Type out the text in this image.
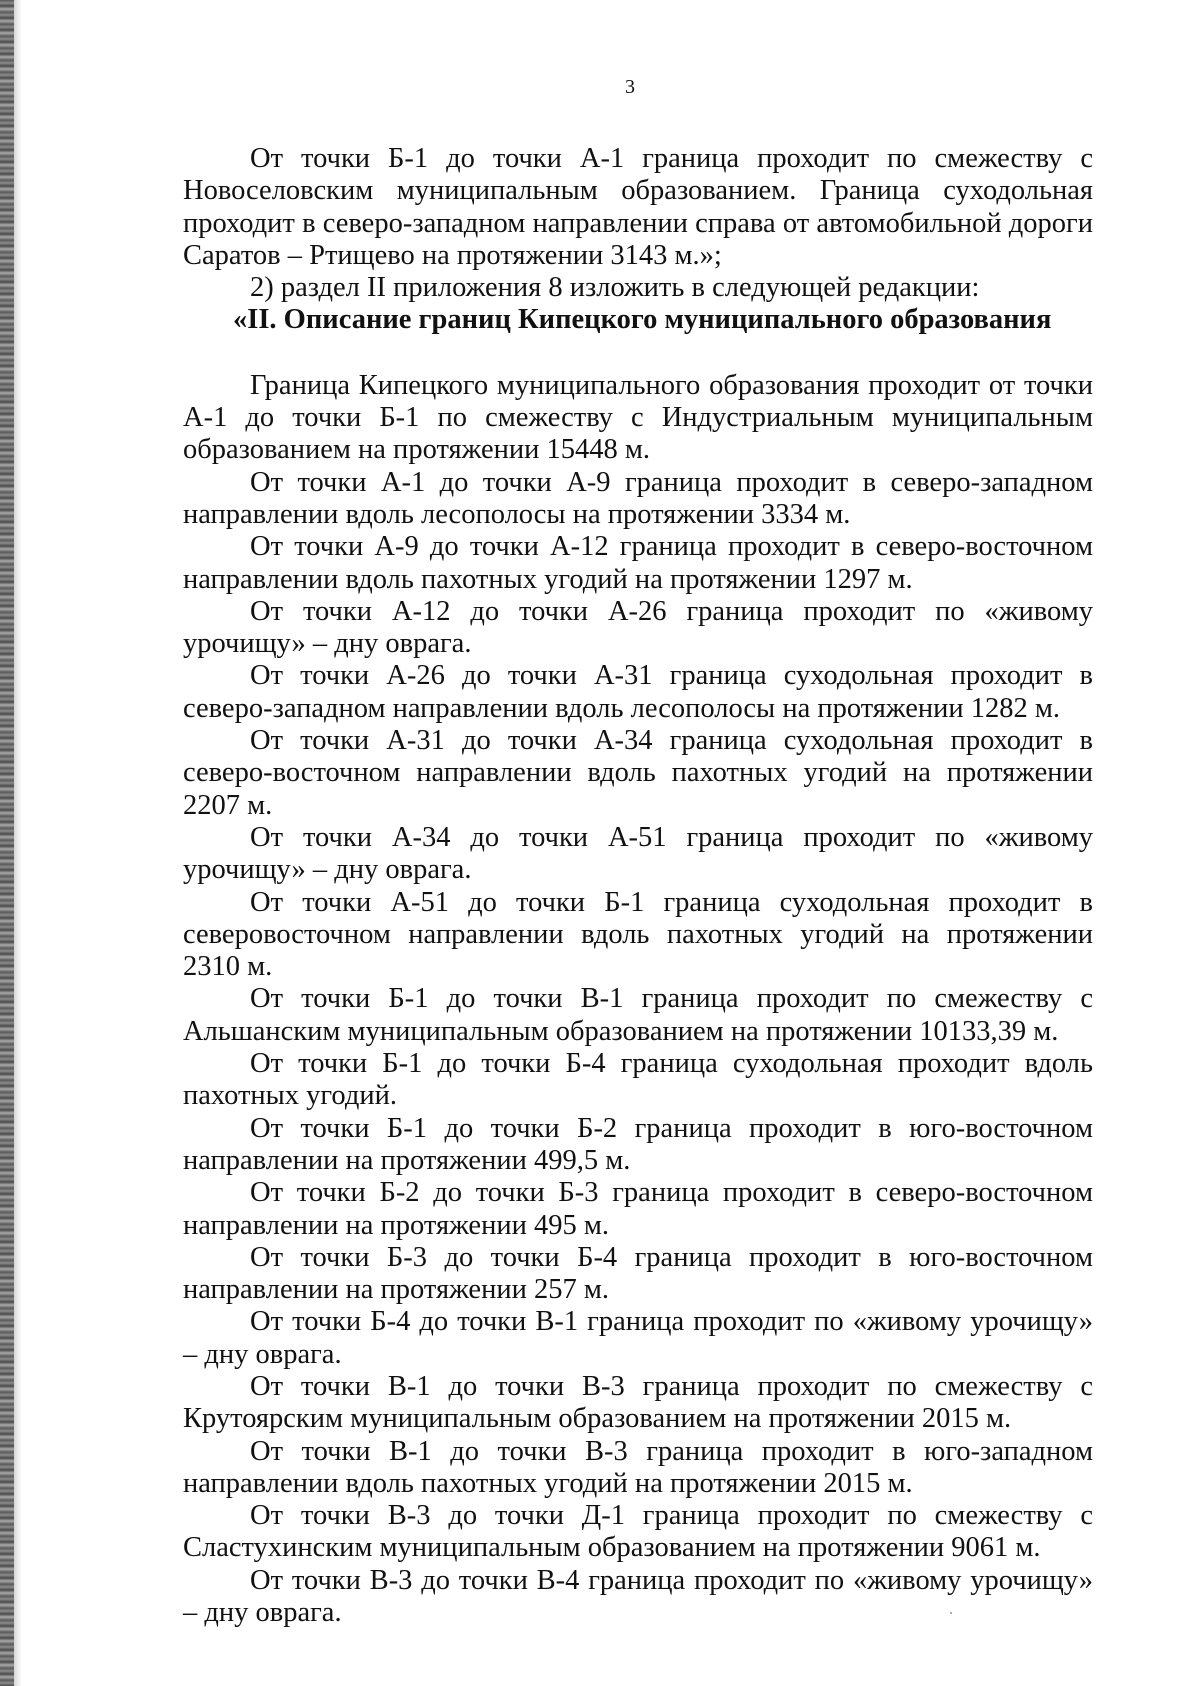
3

От точки Б-1 до точки А-1 граница проходит по смежеству с Новоселовским муниципальным образованием. Граница суходольная проходит в северо-западном направлении справа от автомобильной дороги Саратов – Ртищево на протяжении 3143 м.»;

2) раздел II приложения 8 изложить в следующей редакции:

«II. Описание границ Кипецкого муниципального образования

Граница Кипецкого муниципального образования проходит от точки А-1 до точки Б-1 по смежеству с Индустриальным муниципальным образованием на протяжении 15448 м.

От точки А-1 до точки А-9 граница проходит в северо-западном направлении вдоль лесополосы на протяжении 3334 м.

От точки А-9 до точки А-12 граница проходит в северо-восточном направлении вдоль пахотных угодий на протяжении 1297 м.

От точки А-12 до точки А-26 граница проходит по «живому урочищу» – дну оврага.

От точки А-26 до точки А-31 граница суходольная проходит в северо-западном направлении вдоль лесополосы на протяжении 1282 м.

От точки А-31 до точки А-34 граница суходольная проходит в северо-восточном направлении вдоль пахотных угодий на протяжении 2207 м.

От точки А-34 до точки А-51 граница проходит по «живому урочищу» – дну оврага.

От точки А-51 до точки Б-1 граница суходольная проходит в северовосточном направлении вдоль пахотных угодий на протяжении 2310 м.

От точки Б-1 до точки В-1 граница проходит по смежеству с Альшанским муниципальным образованием на протяжении 10133,39 м.

От точки Б-1 до точки Б-4 граница суходольная проходит вдоль пахотных угодий.

От точки Б-1 до точки Б-2 граница проходит в юго-восточном направлении на протяжении 499,5 м.

От точки Б-2 до точки Б-3 граница проходит в северо-восточном направлении на протяжении 495 м.

От точки Б-3 до точки Б-4 граница проходит в юго-восточном направлении на протяжении 257 м.

От точки Б-4 до точки В-1 граница проходит по «живому урочищу» – дну оврага.

От точки В-1 до точки В-3 граница проходит по смежеству с Крутоярским муниципальным образованием на протяжении 2015 м.

От точки В-1 до точки В-3 граница проходит в юго-западном направлении вдоль пахотных угодий на протяжении 2015 м.

От точки В-3 до точки Д-1 граница проходит по смежеству с Сластухинским муниципальным образованием на протяжении 9061 м.

От точки В-3 до точки В-4 граница проходит по «живому урочищу» – дну оврага.
